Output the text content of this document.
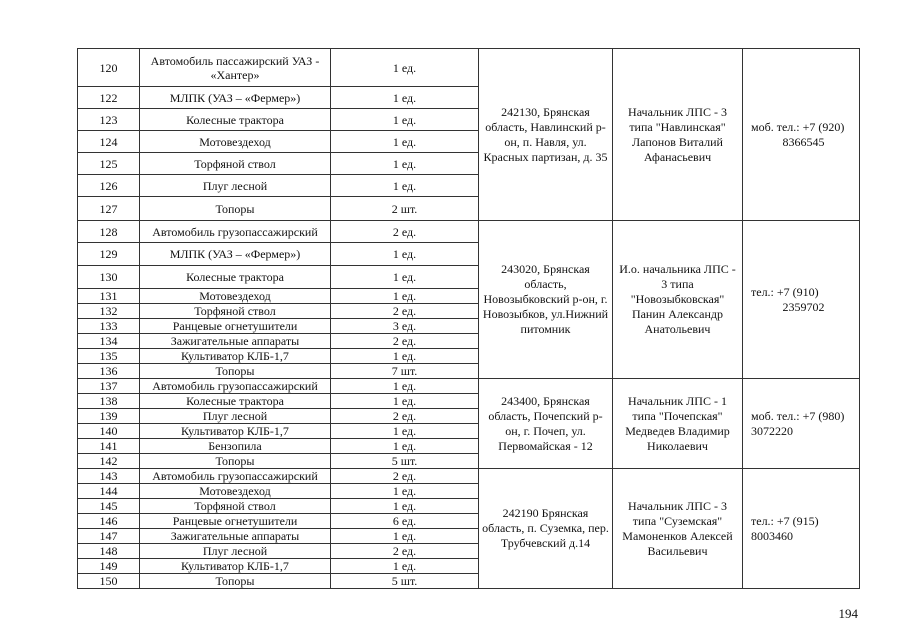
120	Автомобиль пассажирский УАЗ - «Хантер»	1 ед.	242130, Брянская область, Навлинский р-он, п. Навля, ул. Красных партизан, д. 35	Начальник ЛПС - 3 типа "Навлинская" Лапонов Виталий Афанасьевич	моб. тел.: +7 (920)
8366545

122	МЛПК (УАЗ – «Фермер»)	1 ед.			
123	Колесные трактора	1 ед.			
124	Мотовездеход	1 ед.			
125	Торфяной ствол	1 ед.			
126	Плуг лесной	1 ед.			
127	Топоры	2 шт.			
128	Автомобиль грузопассажирский	2 ед.	243020, Брянская область, Новозыбковский р-он, г. Новозыбков, ул.Нижний питомник	И.о. начальника ЛПС - 3 типа "Новозыбковская" Панин Александр Анатольевич	тел.: +7 (910)
2359702

129	МЛПК (УАЗ – «Фермер»)	1 ед.			
130	Колесные трактора	1 ед.			
131	Мотовездеход	1 ед.			
132	Торфяной ствол	2 ед.			
133	Ранцевые огнетушители	3 ед.			
134	Зажигательные аппараты	2 ед.			
135	Культиватор КЛБ-1,7	1 ед.			
136	Топоры	7 шт.			
137	Автомобиль грузопассажирский	1 ед.	243400, Брянская область, Почепский р-он, г. Почеп, ул. Первомайская - 12	Начальник ЛПС - 1 типа "Почепская" Медведев Владимир Николаевич	моб. тел.: +7 (980)
3072220

138	Колесные трактора	1 ед.			
139	Плуг лесной	2 ед.			
140	Культиватор КЛБ-1,7	1 ед.			
141	Бензопила	1 ед.			
142	Топоры	5 шт.			
143	Автомобиль грузопассажирский	2 ед.	242190 Брянская область, п. Суземка, пер. Трубчевский д.14	Начальник ЛПС - 3 типа "Суземская" Мамоненков Алексей Васильевич	тел.: +7 (915)
8003460

144	Мотовездеход	1 ед.			
145	Торфяной ствол	1 ед.			
146	Ранцевые огнетушители	6 ед.			
147	Зажигательные аппараты	1 ед.			
148	Плуг лесной	2 ед.			
149	Культиватор КЛБ-1,7	1 ед.			
150	Топоры	5 шт.			
194
